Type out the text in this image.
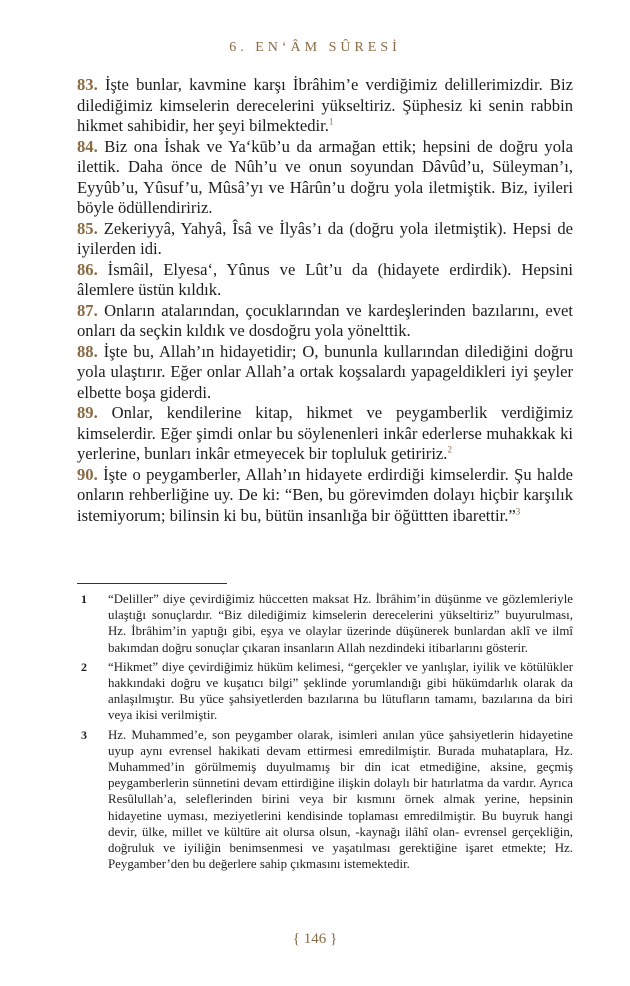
6. EN‘ÂM SÛRESİ

83. İşte bunlar, kavmine karşı İbrâhim’e verdiğimiz delillerimizdir. Biz dilediğimiz kimselerin derecelerini yükseltiriz. Şüphesiz ki senin rabbin hikmet sahibidir, her şeyi bilmektedir.$^1$

84. Biz ona İshak ve Ya‘kūb’u da armağan ettik; hepsini de doğru yola ilettik. Daha önce de Nûh’u ve onun soyundan Dâvûd’u, Süleyman’ı, Eyyûb’u, Yûsuf’u, Mûsâ’yı ve Hârûn’u doğru yola iletmiştik. Biz, iyileri böyle ödüllendiririz.

85. Zekeriyyâ, Yahyâ, Îsâ ve İlyâs’ı da (doğru yola iletmiştik). Hepsi de iyilerden idi.

86. İsmâil, Elyesa‘, Yûnus ve Lût’u da (hidayete erdirdik). Hepsini âlemlere üstün kıldık.

87. Onların atalarından, çocuklarından ve kardeşlerinden bazılarını, evet onları da seçkin kıldık ve dosdoğru yola yönelttik.

88. İşte bu, Allah’ın hidayetidir; O, bununla kullarından dilediğini doğru yola ulaştırır. Eğer onlar Allah’a ortak koşsalardı yapageldikleri iyi şeyler elbette boşa giderdi.

89. Onlar, kendilerine kitap, hikmet ve peygamberlik verdiğimiz kimselerdir. Eğer şimdi onlar bu söylenenleri inkâr ederlerse muhakkak ki yerlerine, bunları inkâr etmeyecek bir topluluk getiririz.$^2$

90. İşte o peygamberler, Allah’ın hidayete erdirdiği kimselerdir. Şu halde onların rehberliğine uy. De ki: “Ben, bu görevimden dolayı hiçbir karşılık istemiyorum; bilinsin ki bu, bütün insanlığa bir öğüttten ibarettir.”$^3$

1	“Deliller” diye çevirdiğimiz hüccetten maksat Hz. İbrâhim’in düşünme ve gözlemleriyle ulaştığı sonuçlardır. “Biz dilediğimiz kimselerin derecelerini yükseltiriz” buyurulması, Hz. İbrâhim’in yaptığı gibi, eşya ve olaylar üzerinde düşünerek bunlardan aklî ve ilmî bakımdan doğru sonuçlar çıkaran insanların Allah nezdindeki itibarlarını gösterir.
2	“Hikmet” diye çevirdiğimiz hüküm kelimesi, “gerçekler ve yanlışlar, iyilik ve kötülükler hakkındaki doğru ve kuşatıcı bilgi” şeklinde yorumlandığı gibi hükümdarlık olarak da anlaşılmıştır. Bu yüce şahsiyetlerden bazılarına bu lütufların tamamı, bazılarına da biri veya ikisi verilmiştir.
3	Hz. Muhammed’e, son peygamber olarak, isimleri anılan yüce şahsiyetlerin hidayetine uyup aynı evrensel hakikati devam ettirmesi emredilmiştir. Burada muhataplara, Hz. Muhammed’in görülmemiş duyulmamış bir din icat etmediğine, aksine, geçmiş peygamberlerin sünnetini devam ettirdiğine ilişkin dolaylı bir hatırlatma da vardır. Ayrıca Resûlullah’a, seleflerinden birini veya bir kısmını örnek almak yerine, hepsinin hidayetine uyması, meziyetlerini kendisinde toplaması emredilmiştir. Bu buyruk hangi devir, ülke, millet ve kültüre ait olursa olsun, -kaynağı ilâhî olan- evrensel gerçekliğin, doğruluk ve iyiliğin benimsenmesi ve yaşatılması gerektiğine işaret etmekte; Hz. Peygamber’den bu değerlere sahip çıkmasını istemektedir.
{ 146 }
